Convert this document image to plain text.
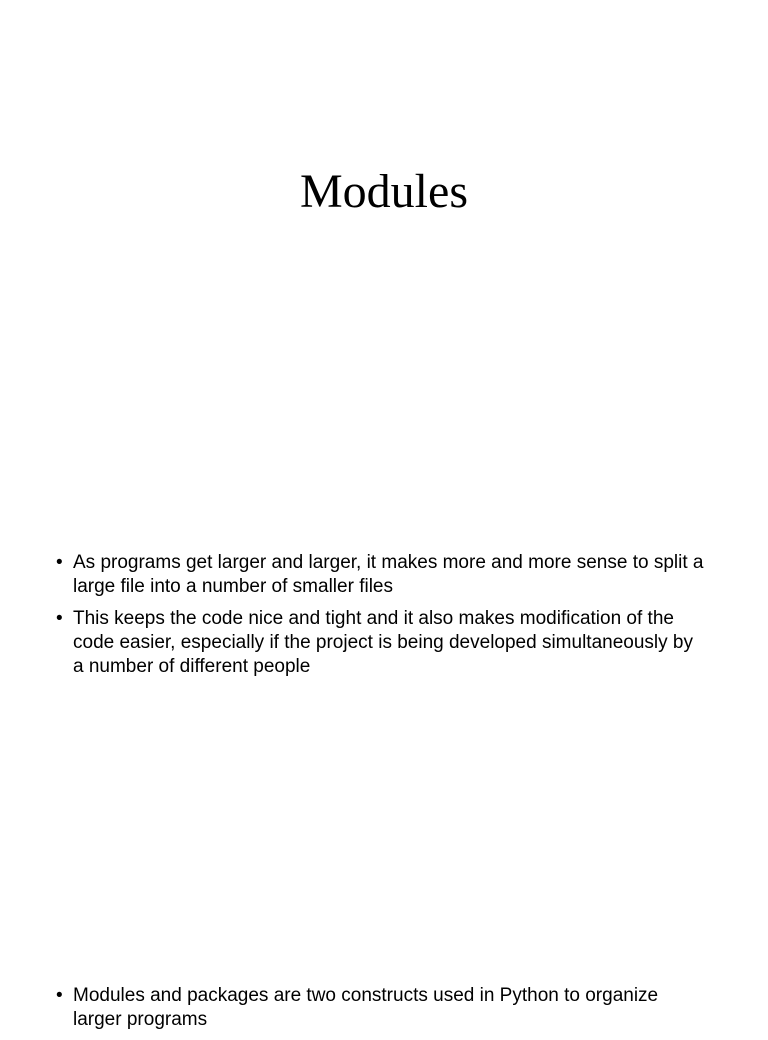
Modules
• As programs get larger and larger, it makes more and more sense to split a large file into a number of smaller files
• This keeps the code nice and tight and it also makes modification of the code easier, especially if the project is being developed simultaneously by a number of different people
• Modules and packages are two constructs used in Python to organize larger programs
